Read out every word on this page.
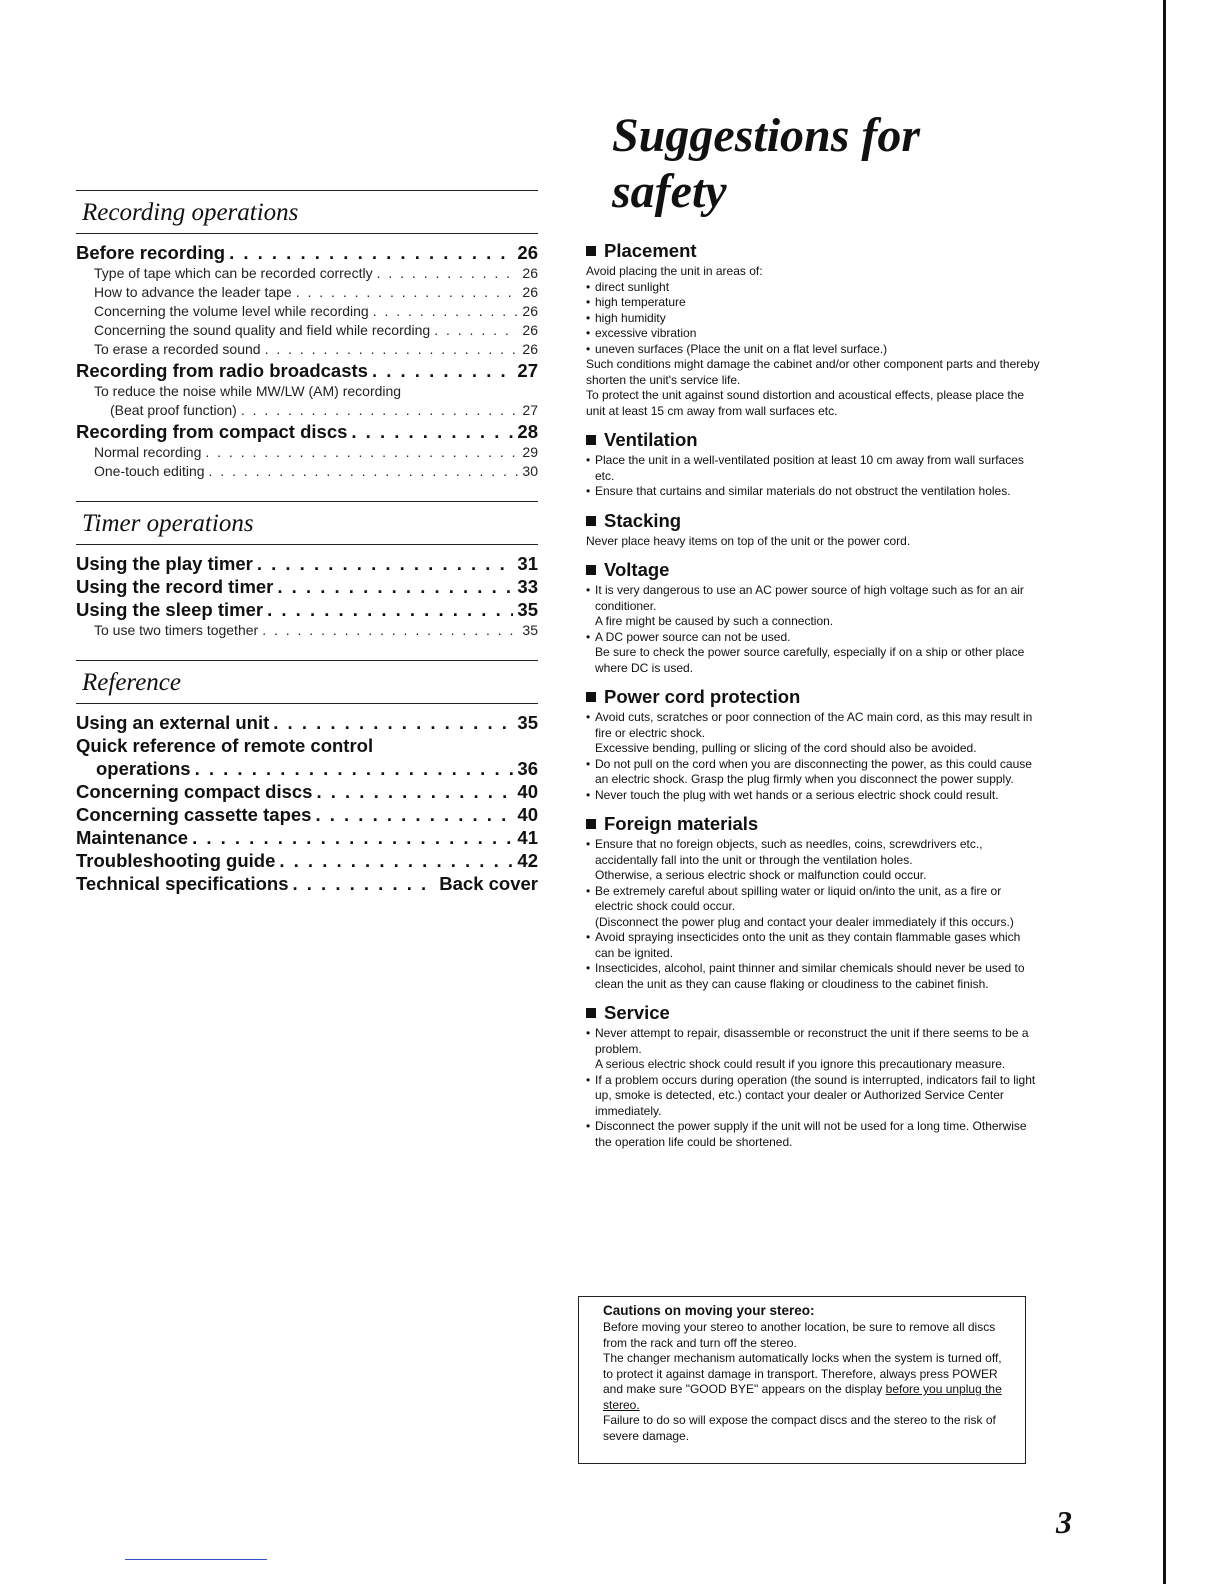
Recording operations
Before recording . . .	26
Type of tape which can be recorded correctly . . .	26
How to advance the leader tape . . .	26
Concerning the volume level while recording . . .	26
Concerning the sound quality and field while recording . . .	26
To erase a recorded sound . . .	26
Recording from radio broadcasts . . .	27
To reduce the noise while MW/LW (AM) recording
(Beat proof function) . . .	27
Recording from compact discs . . .	28
Normal recording . . .	29
One-touch editing . . .	30
Timer operations
Using the play timer . . .	31
Using the record timer . . .	33
Using the sleep timer . . .	35
To use two timers together . . .	35
Reference
Using an external unit . . .	35
Quick reference of remote control
operations . . .	36
Concerning compact discs . . .	40
Concerning cassette tapes . . .	40
Maintenance . . .	41
Troubleshooting guide . . .	42
Technical specifications . . .	Back cover
Suggestions for safety
Placement
Avoid placing the unit in areas of:
• direct sunlight
• high temperature
• high humidity
• excessive vibration
• uneven surfaces (Place the unit on a flat level surface.)
Such conditions might damage the cabinet and/or other component parts and thereby shorten the unit's service life.
To protect the unit against sound distortion and acoustical effects, please place the unit at least 15 cm away from wall surfaces etc.
Ventilation
• Place the unit in a well-ventilated position at least 10 cm away from wall surfaces etc.
• Ensure that curtains and similar materials do not obstruct the ventilation holes.
Stacking
Never place heavy items on top of the unit or the power cord.
Voltage
• It is very dangerous to use an AC power source of high voltage such as for an air conditioner.
A fire might be caused by such a connection.
• A DC power source can not be used.
Be sure to check the power source carefully, especially if on a ship or other place where DC is used.
Power cord protection
• Avoid cuts, scratches or poor connection of the AC main cord, as this may result in fire or electric shock.
Excessive bending, pulling or slicing of the cord should also be avoided.
• Do not pull on the cord when you are disconnecting the power, as this could cause an electric shock. Grasp the plug firmly when you disconnect the power supply.
• Never touch the plug with wet hands or a serious electric shock could result.
Foreign materials
• Ensure that no foreign objects, such as needles, coins, screwdrivers etc., accidentally fall into the unit or through the ventilation holes.
Otherwise, a serious electric shock or malfunction could occur.
• Be extremely careful about spilling water or liquid on/into the unit, as a fire or electric shock could occur.
(Disconnect the power plug and contact your dealer immediately if this occurs.)
• Avoid spraying insecticides onto the unit as they contain flammable gases which can be ignited.
• Insecticides, alcohol, paint thinner and similar chemicals should never be used to clean the unit as they can cause flaking or cloudiness to the cabinet finish.
Service
• Never attempt to repair, disassemble or reconstruct the unit if there seems to be a problem.
A serious electric shock could result if you ignore this precautionary measure.
• If a problem occurs during operation (the sound is interrupted, indicators fail to light up, smoke is detected, etc.) contact your dealer or Authorized Service Center immediately.
• Disconnect the power supply if the unit will not be used for a long time. Otherwise the operation life could be shortened.
Cautions on moving your stereo:
Before moving your stereo to another location, be sure to remove all discs from the rack and turn off the stereo.
The changer mechanism automatically locks when the system is turned off, to protect it against damage in transport. Therefore, always press POWER and make sure "GOOD BYE" appears on the display before you unplug the stereo.
Failure to do so will expose the compact discs and the stereo to the risk of severe damage.
3
